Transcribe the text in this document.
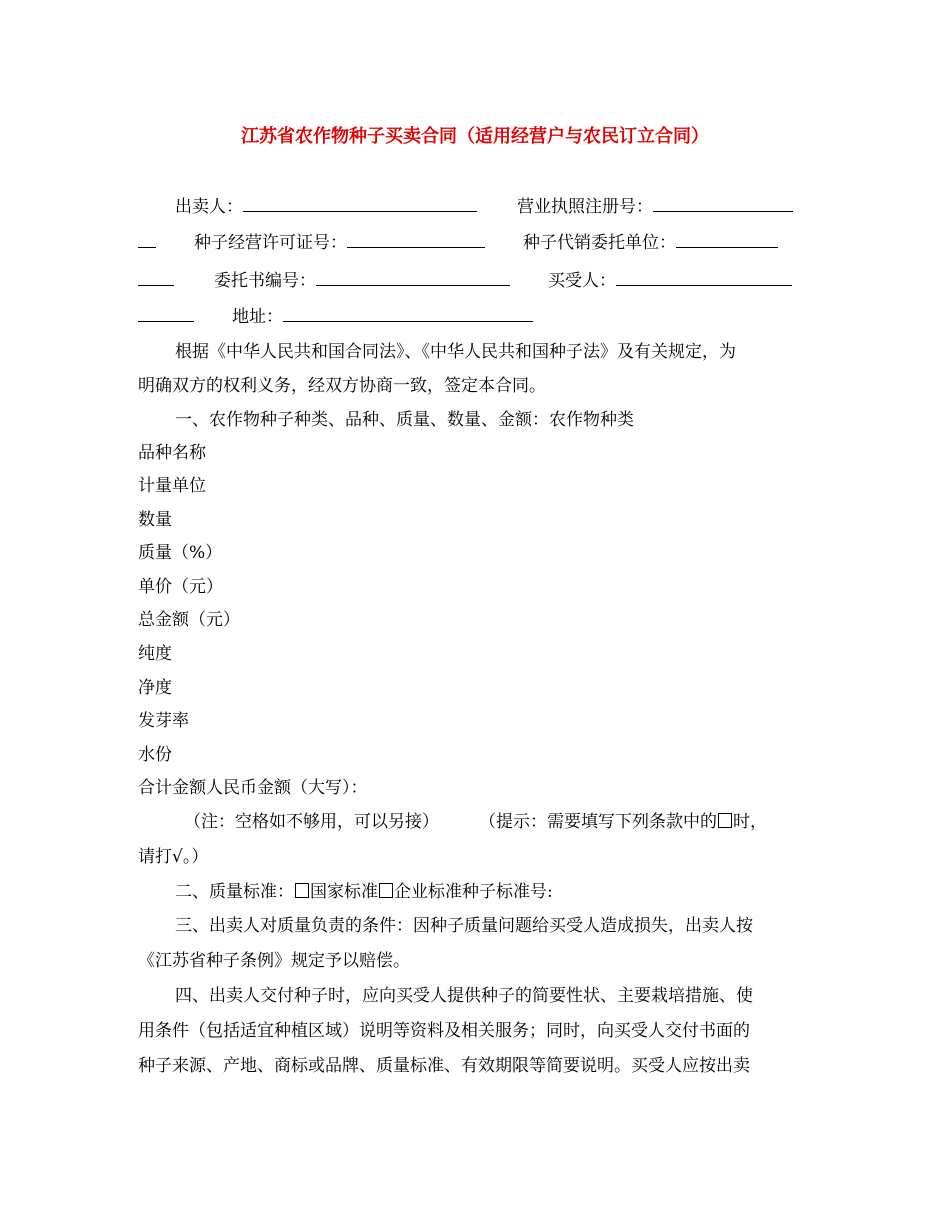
江苏省农作物种子买卖合同（适用经营户与农民订立合同）
出卖人：	营业执照注册号：
种子经营许可证号：	种子代销委托单位：
委托书编号：	买受人：
地址：
根据《中华人民共和国合同法》、《中华人民共和国种子法》及有关规定，为
明确双方的权利义务，经双方协商一致，签定本合同。
一、农作物种子种类、品种、质量、数量、金额：农作物种类
品种名称
计量单位
数量
质量（%）
单价（元）
总金额（元）
纯度
净度
发芽率
水份
合计金额人民币金额（大写）：
（注：空格如不够用，可以另接） （提示：需要填写下列条款中的 时，
请打√。）
二、质量标准： 国家标准 企业标准种子标准号:
三、出卖人对质量负责的条件：因种子质量问题给买受人造成损失，出卖人按
《江苏省种子条例》规定予以赔偿。
四、出卖人交付种子时，应向买受人提供种子的简要性状、主要栽培措施、使
用条件（包括适宜种植区域）说明等资料及相关服务；同时，向买受人交付书面的
种子来源、产地、商标或品牌、质量标准、有效期限等简要说明。买受人应按出卖
